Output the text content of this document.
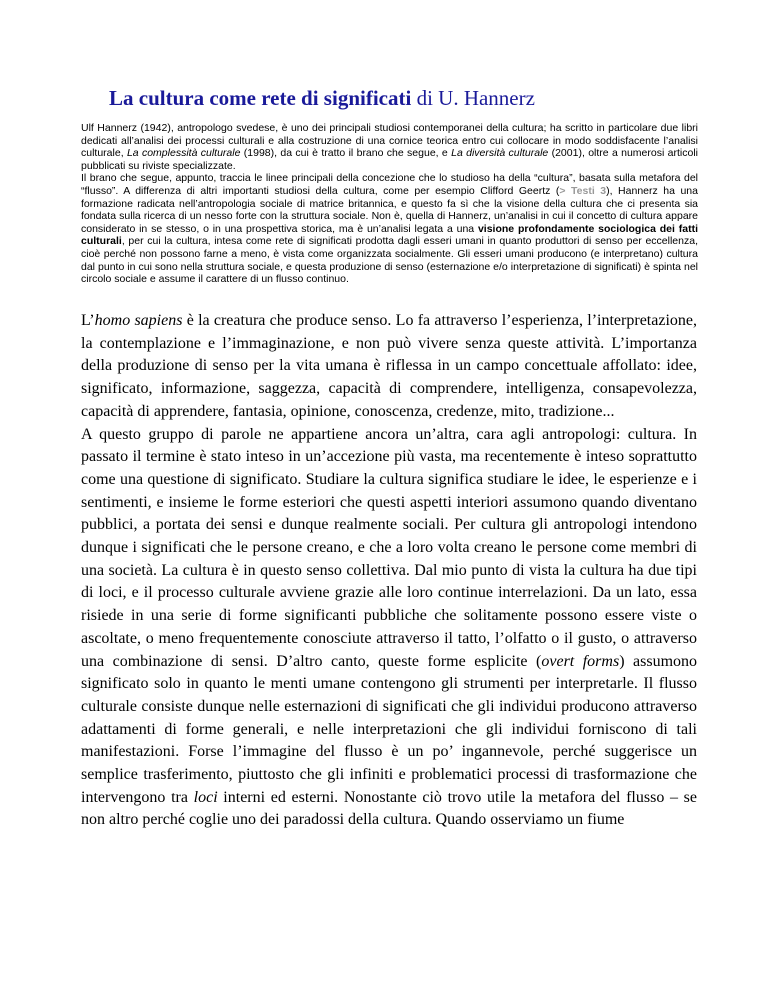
La cultura come rete di significati di U. Hannerz

Ulf Hannerz (1942), antropologo svedese, è uno dei principali studiosi contemporanei della cultura; ha scritto in particolare due libri dedicati all’analisi dei processi culturali e alla costruzione di una cornice teorica entro cui collocare in modo soddisfacente l’analisi culturale, La complessità culturale (1998), da cui è tratto il brano che segue, e La diversità culturale (2001), oltre a numerosi articoli pubblicati su riviste specializzate.

Il brano che segue, appunto, traccia le linee principali della concezione che lo studioso ha della “cultura”, basata sulla metafora del “flusso”. A differenza di altri importanti studiosi della cultura, come per esempio Clifford Geertz (> Testi 3), Hannerz ha una formazione radicata nell’antropologia sociale di matrice britannica, e questo fa sì che la visione della cultura che ci presenta sia fondata sulla ricerca di un nesso forte con la struttura sociale. Non è, quella di Hannerz, un’analisi in cui il concetto di cultura appare considerato in se stesso, o in una prospettiva storica, ma è un’analisi legata a una visione profondamente sociologica dei fatti culturali, per cui la cultura, intesa come rete di significati prodotta dagli esseri umani in quanto produttori di senso per eccellenza, cioè perché non possono farne a meno, è vista come organizzata socialmente. Gli esseri umani producono (e interpretano) cultura dal punto in cui sono nella struttura sociale, e questa produzione di senso (esternazione e/o interpretazione di significati) è spinta nel circolo sociale e assume il carattere di un flusso continuo.

L’homo sapiens è la creatura che produce senso. Lo fa attraverso l’esperienza, l’interpretazione, la contemplazione e l’immaginazione, e non può vivere senza queste attività. L’importanza della produzione di senso per la vita umana è riflessa in un campo concettuale affollato: idee, significato, informazione, saggezza, capacità di comprendere, intelligenza, consapevolezza, capacità di apprendere, fantasia, opinione, conoscenza, credenze, mito, tradizione...

A questo gruppo di parole ne appartiene ancora un’altra, cara agli antropologi: cultura. In passato il termine è stato inteso in un’accezione più vasta, ma recentemente è inteso soprattutto come una questione di significato. Studiare la cultura significa studiare le idee, le esperienze e i sentimenti, e insieme le forme esteriori che questi aspetti interiori assumono quando diventano pubblici, a portata dei sensi e dunque realmente sociali. Per cultura gli antropologi intendono dunque i significati che le persone creano, e che a loro volta creano le persone come membri di una società. La cultura è in questo senso collettiva. Dal mio punto di vista la cultura ha due tipi di loci, e il processo culturale avviene grazie alle loro continue interrelazioni. Da un lato, essa risiede in una serie di forme significanti pubbliche che solitamente possono essere viste o ascoltate, o meno frequentemente conosciute attraverso il tatto, l’olfatto o il gusto, o attraverso una combinazione di sensi. D’altro canto, queste forme esplicite (overt forms) assumono significato solo in quanto le menti umane contengono gli strumenti per interpretarle. Il flusso culturale consiste dunque nelle esternazioni di significati che gli individui producono attraverso adattamenti di forme generali, e nelle interpretazioni che gli individui forniscono di tali manifestazioni. Forse l’immagine del flusso è un po’ ingannevole, perché suggerisce un semplice trasferimento, piuttosto che gli infiniti e problematici processi di trasformazione che intervengono tra loci interni ed esterni. Nonostante ciò trovo utile la metafora del flusso – se non altro perché coglie uno dei paradossi della cultura. Quando osserviamo un fiume
